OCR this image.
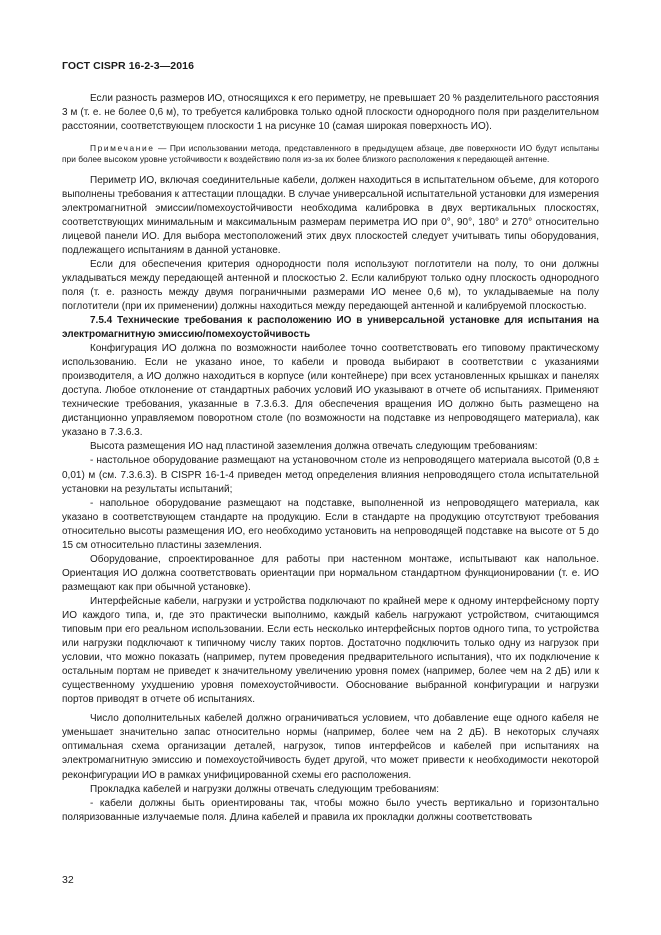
ГОСТ CISPR 16-2-3—2016

Если разность размеров ИО, относящихся к его периметру, не превышает 20 % разделительного расстояния 3 м (т. е. не более 0,6 м), то требуется калибровка только одной плоскости однородного поля при разделительном расстоянии, соответствующем плоскости 1 на рисунке 10 (самая широкая поверхность ИО).

Примечание — При использовании метода, представленного в предыдущем абзаце, две поверхности ИО будут испытаны при более высоком уровне устойчивости к воздействию поля из-за их более близкого расположения к передающей антенне.

Периметр ИО, включая соединительные кабели, должен находиться в испытательном объеме, для которого выполнены требования к аттестации площадки. В случае универсальной испытательной установки для измерения электромагнитной эмиссии/помехоустойчивости необходима калибровка в двух вертикальных плоскостях, соответствующих минимальным и максимальным размерам периметра ИО при 0°, 90°, 180° и 270° относительно лицевой панели ИО. Для выбора местоположений этих двух плоскостей следует учитывать типы оборудования, подлежащего испытаниям в данной установке.

Если для обеспечения критерия однородности поля используют поглотители на полу, то они должны укладываться между передающей антенной и плоскостью 2. Если калибруют только одну плоскость однородного поля (т. е. разность между двумя пограничными размерами ИО менее 0,6 м), то укладываемые на полу поглотители (при их применении) должны находиться между передающей антенной и калибруемой плоскостью.

7.5.4 Технические требования к расположению ИО в универсальной установке для испытания на электромагнитную эмиссию/помехоустойчивость

Конфигурация ИО должна по возможности наиболее точно соответствовать его типовому практическому использованию. Если не указано иное, то кабели и провода выбирают в соответствии с указаниями производителя, а ИО должно находиться в корпусе (или контейнере) при всех установленных крышках и панелях доступа. Любое отклонение от стандартных рабочих условий ИО указывают в отчете об испытаниях. Применяют технические требования, указанные в 7.3.6.3. Для обеспечения вращения ИО должно быть размещено на дистанционно управляемом поворотном столе (по возможности на подставке из непроводящего материала), как указано в 7.3.6.3.

Высота размещения ИО над пластиной заземления должна отвечать следующим требованиям:

- настольное оборудование размещают на установочном столе из непроводящего материала высотой (0,8 ± 0,01) м (см. 7.3.6.3). В CISPR 16-1-4 приведен метод определения влияния непроводящего стола испытательной установки на результаты испытаний;

- напольное оборудование размещают на подставке, выполненной из непроводящего материала, как указано в соответствующем стандарте на продукцию. Если в стандарте на продукцию отсутствуют требования относительно высоты размещения ИО, его необходимо установить на непроводящей подставке на высоте от 5 до 15 см относительно пластины заземления.

Оборудование, спроектированное для работы при настенном монтаже, испытывают как напольное. Ориентация ИО должна соответствовать ориентации при нормальном стандартном функционировании (т. е. ИО размещают как при обычной установке).

Интерфейсные кабели, нагрузки и устройства подключают по крайней мере к одному интерфейсному порту ИО каждого типа, и, где это практически выполнимо, каждый кабель нагружают устройством, считающимся типовым при его реальном использовании. Если есть несколько интерфейсных портов одного типа, то устройства или нагрузки подключают к типичному числу таких портов. Достаточно подключить только одну из нагрузок при условии, что можно показать (например, путем проведения предварительного испытания), что их подключение к остальным портам не приведет к значительному увеличению уровня помех (например, более чем на 2 дБ) или к существенному ухудшению уровня помехоустойчивости. Обоснование выбранной конфигурации и нагрузки портов приводят в отчете об испытаниях.

Число дополнительных кабелей должно ограничиваться условием, что добавление еще одного кабеля не уменьшает значительно запас относительно нормы (например, более чем на 2 дБ). В некоторых случаях оптимальная схема организации деталей, нагрузок, типов интерфейсов и кабелей при испытаниях на электромагнитную эмиссию и помехоустойчивость будет другой, что может привести к необходимости некоторой реконфигурации ИО в рамках унифицированной схемы его расположения.

Прокладка кабелей и нагрузки должны отвечать следующим требованиям:

- кабели должны быть ориентированы так, чтобы можно было учесть вертикально и горизонтально поляризованные излучаемые поля. Длина кабелей и правила их прокладки должны соответствовать

32
